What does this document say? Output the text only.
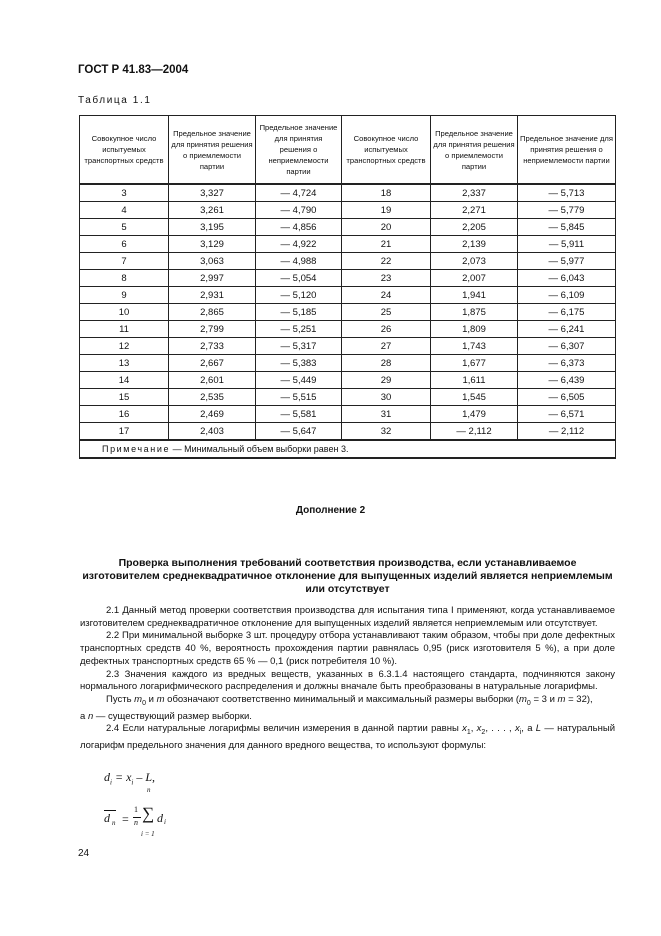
ГОСТ Р 41.83—2004
Таблица 1.1
Совокупное число испытуемых транспортных средств	Предельное значение для принятия решения о приемлемости партии	Предельное значение для принятия решения о неприемлемости партии	Совокупное число испытуемых транспортных средств	Предельное значение для принятия решения о приемлемости партии	Предельное значение для принятия решения о неприемлемости партии
3	3,327	— 4,724	18	2,337	— 5,713
4	3,261	— 4,790	19	2,271	— 5,779
5	3,195	— 4,856	20	2,205	— 5,845
6	3,129	— 4,922	21	2,139	— 5,911
7	3,063	— 4,988	22	2,073	— 5,977
8	2,997	— 5,054	23	2,007	— 6,043
9	2,931	— 5,120	24	1,941	— 6,109
10	2,865	— 5,185	25	1,875	— 6,175
11	2,799	— 5,251	26	1,809	— 6,241
12	2,733	— 5,317	27	1,743	— 6,307
13	2,667	— 5,383	28	1,677	— 6,373
14	2,601	— 5,449	29	1,611	— 6,439
15	2,535	— 5,515	30	1,545	— 6,505
16	2,469	— 5,581	31	1,479	— 6,571
17	2,403	— 5,647	32	— 2,112	— 2,112
Примечание — Минимальный объем выборки равен 3.					
Дополнение 2
Проверка выполнения требований соответствия производства, если устанавливаемое изготовителем среднеквадратичное отклонение для выпущенных изделий является неприемлемым или отсутствует

2.1 Данный метод проверки соответствия производства для испытания типа I применяют, когда устанавливаемое изготовителем среднеквадратичное отклонение для выпущенных изделий является неприемлемым или отсутствует.

2.2 При минимальной выборке 3 шт. процедуру отбора устанавливают таким образом, чтобы при доле дефектных транспортных средств 40 %, вероятность прохождения партии равнялась 0,95 (риск изготовителя 5 %), а при доле дефектных транспортных средств 65 % — 0,1 (риск потребителя 10 %).

2.3 Значения каждого из вредных веществ, указанных в 6.3.1.4 настоящего стандарта, подчиняются закону нормального логарифмического распределения и должны вначале быть преобразованы в натуральные логарифмы.

Пусть $m_0$ и m обозначают соответственно минимальный и максимальный размеры выборки ($m_0 = 3$ и m = 32),

а n — существующий размер выборки.

2.4 Если натуральные логарифмы величин измерения в данной партии равны $x_1$, $x_2$, . . . , $x_i$, а L — натуральный логарифм предельного значения для данного вредного вещества, то используют формулы:

$d_i = x_i - L$,
d n =
1
n
n
∑
i = 1
d i
24
